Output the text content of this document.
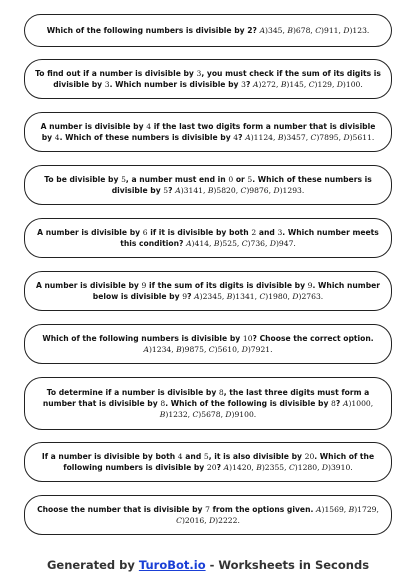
Which of the following numbers is divisible by 2? A)345, B)678, C)911, D)123.
To find out if a number is divisible by 3, you must check if the sum of its digits is divisible by 3. Which number is divisible by 3? A)272, B)145, C)129, D)100.
A number is divisible by 4 if the last two digits form a number that is divisible by 4. Which of these numbers is divisible by 4? A)1124, B)3457, C)7895, D)5611.
To be divisible by 5, a number must end in 0 or 5. Which of these numbers is divisible by 5? A)3141, B)5820, C)9876, D)1293.
A number is divisible by 6 if it is divisible by both 2 and 3. Which number meets this condition? A)414, B)525, C)736, D)947.
A number is divisible by 9 if the sum of its digits is divisible by 9. Which number below is divisible by 9? A)2345, B)1341, C)1980, D)2763.
Which of the following numbers is divisible by 10? Choose the correct option. A)1234, B)9875, C)5610, D)7921.
To determine if a number is divisible by 8, the last three digits must form a number that is divisible by 8. Which of the following is divisible by 8? A)1000, B)1232, C)5678, D)9100.
If a number is divisible by both 4 and 5, it is also divisible by 20. Which of the following numbers is divisible by 20? A)1420, B)2355, C)1280, D)3910.
Choose the number that is divisible by 7 from the options given. A)1569, B)1729, C)2016, D)2222.
Generated by TuroBot.io - Worksheets in Seconds
